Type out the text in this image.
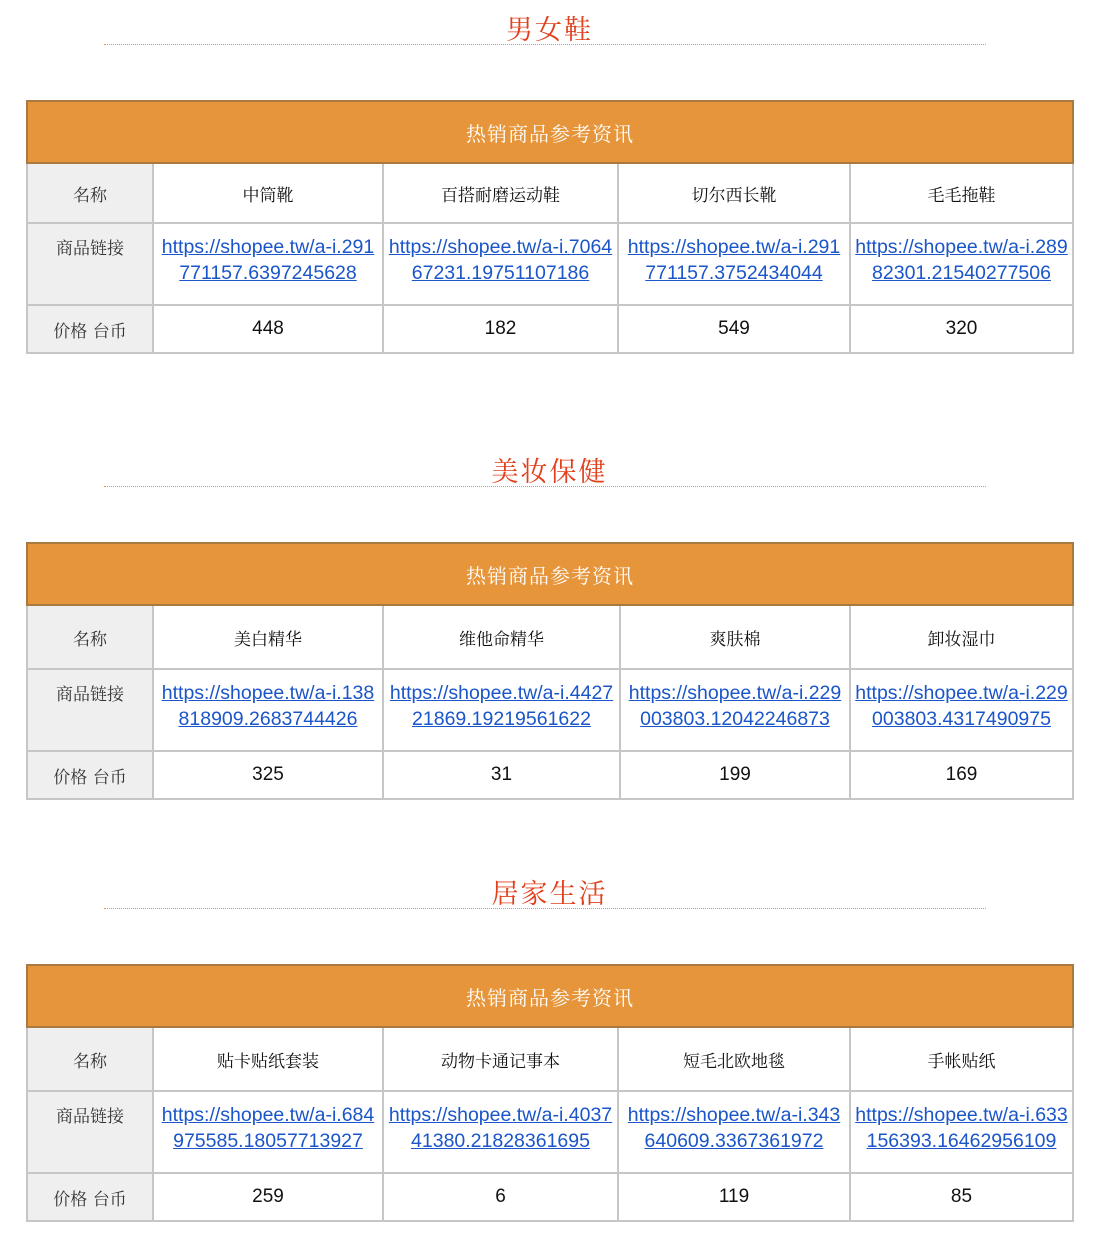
男女鞋
热销商品参考资讯				
名称	中筒靴	百搭耐磨运动鞋	切尔西长靴	毛毛拖鞋
商品链接	https://shopee.tw/a-i.291771157.6397245628	https://shopee.tw/a-i.706467231.19751107186	https://shopee.tw/a-i.291771157.3752434044	https://shopee.tw/a-i.28982301.21540277506
价格 台币	448	182	549	320
美妆保健
热销商品参考资讯				
名称	美白精华	维他命精华	爽肤棉	卸妆湿巾
商品链接	https://shopee.tw/a-i.138818909.2683744426	https://shopee.tw/a-i.442721869.19219561622	https://shopee.tw/a-i.229003803.12042246873	https://shopee.tw/a-i.229003803.4317490975
价格 台币	325	31	199	169
居家生活
热销商品参考资讯				
名称	贴卡贴纸套装	动物卡通记事本	短毛北欧地毯	手帐贴纸
商品链接	https://shopee.tw/a-i.684975585.18057713927	https://shopee.tw/a-i.403741380.21828361695	https://shopee.tw/a-i.343640609.3367361972	https://shopee.tw/a-i.633156393.16462956109
价格 台币	259	6	119	85
